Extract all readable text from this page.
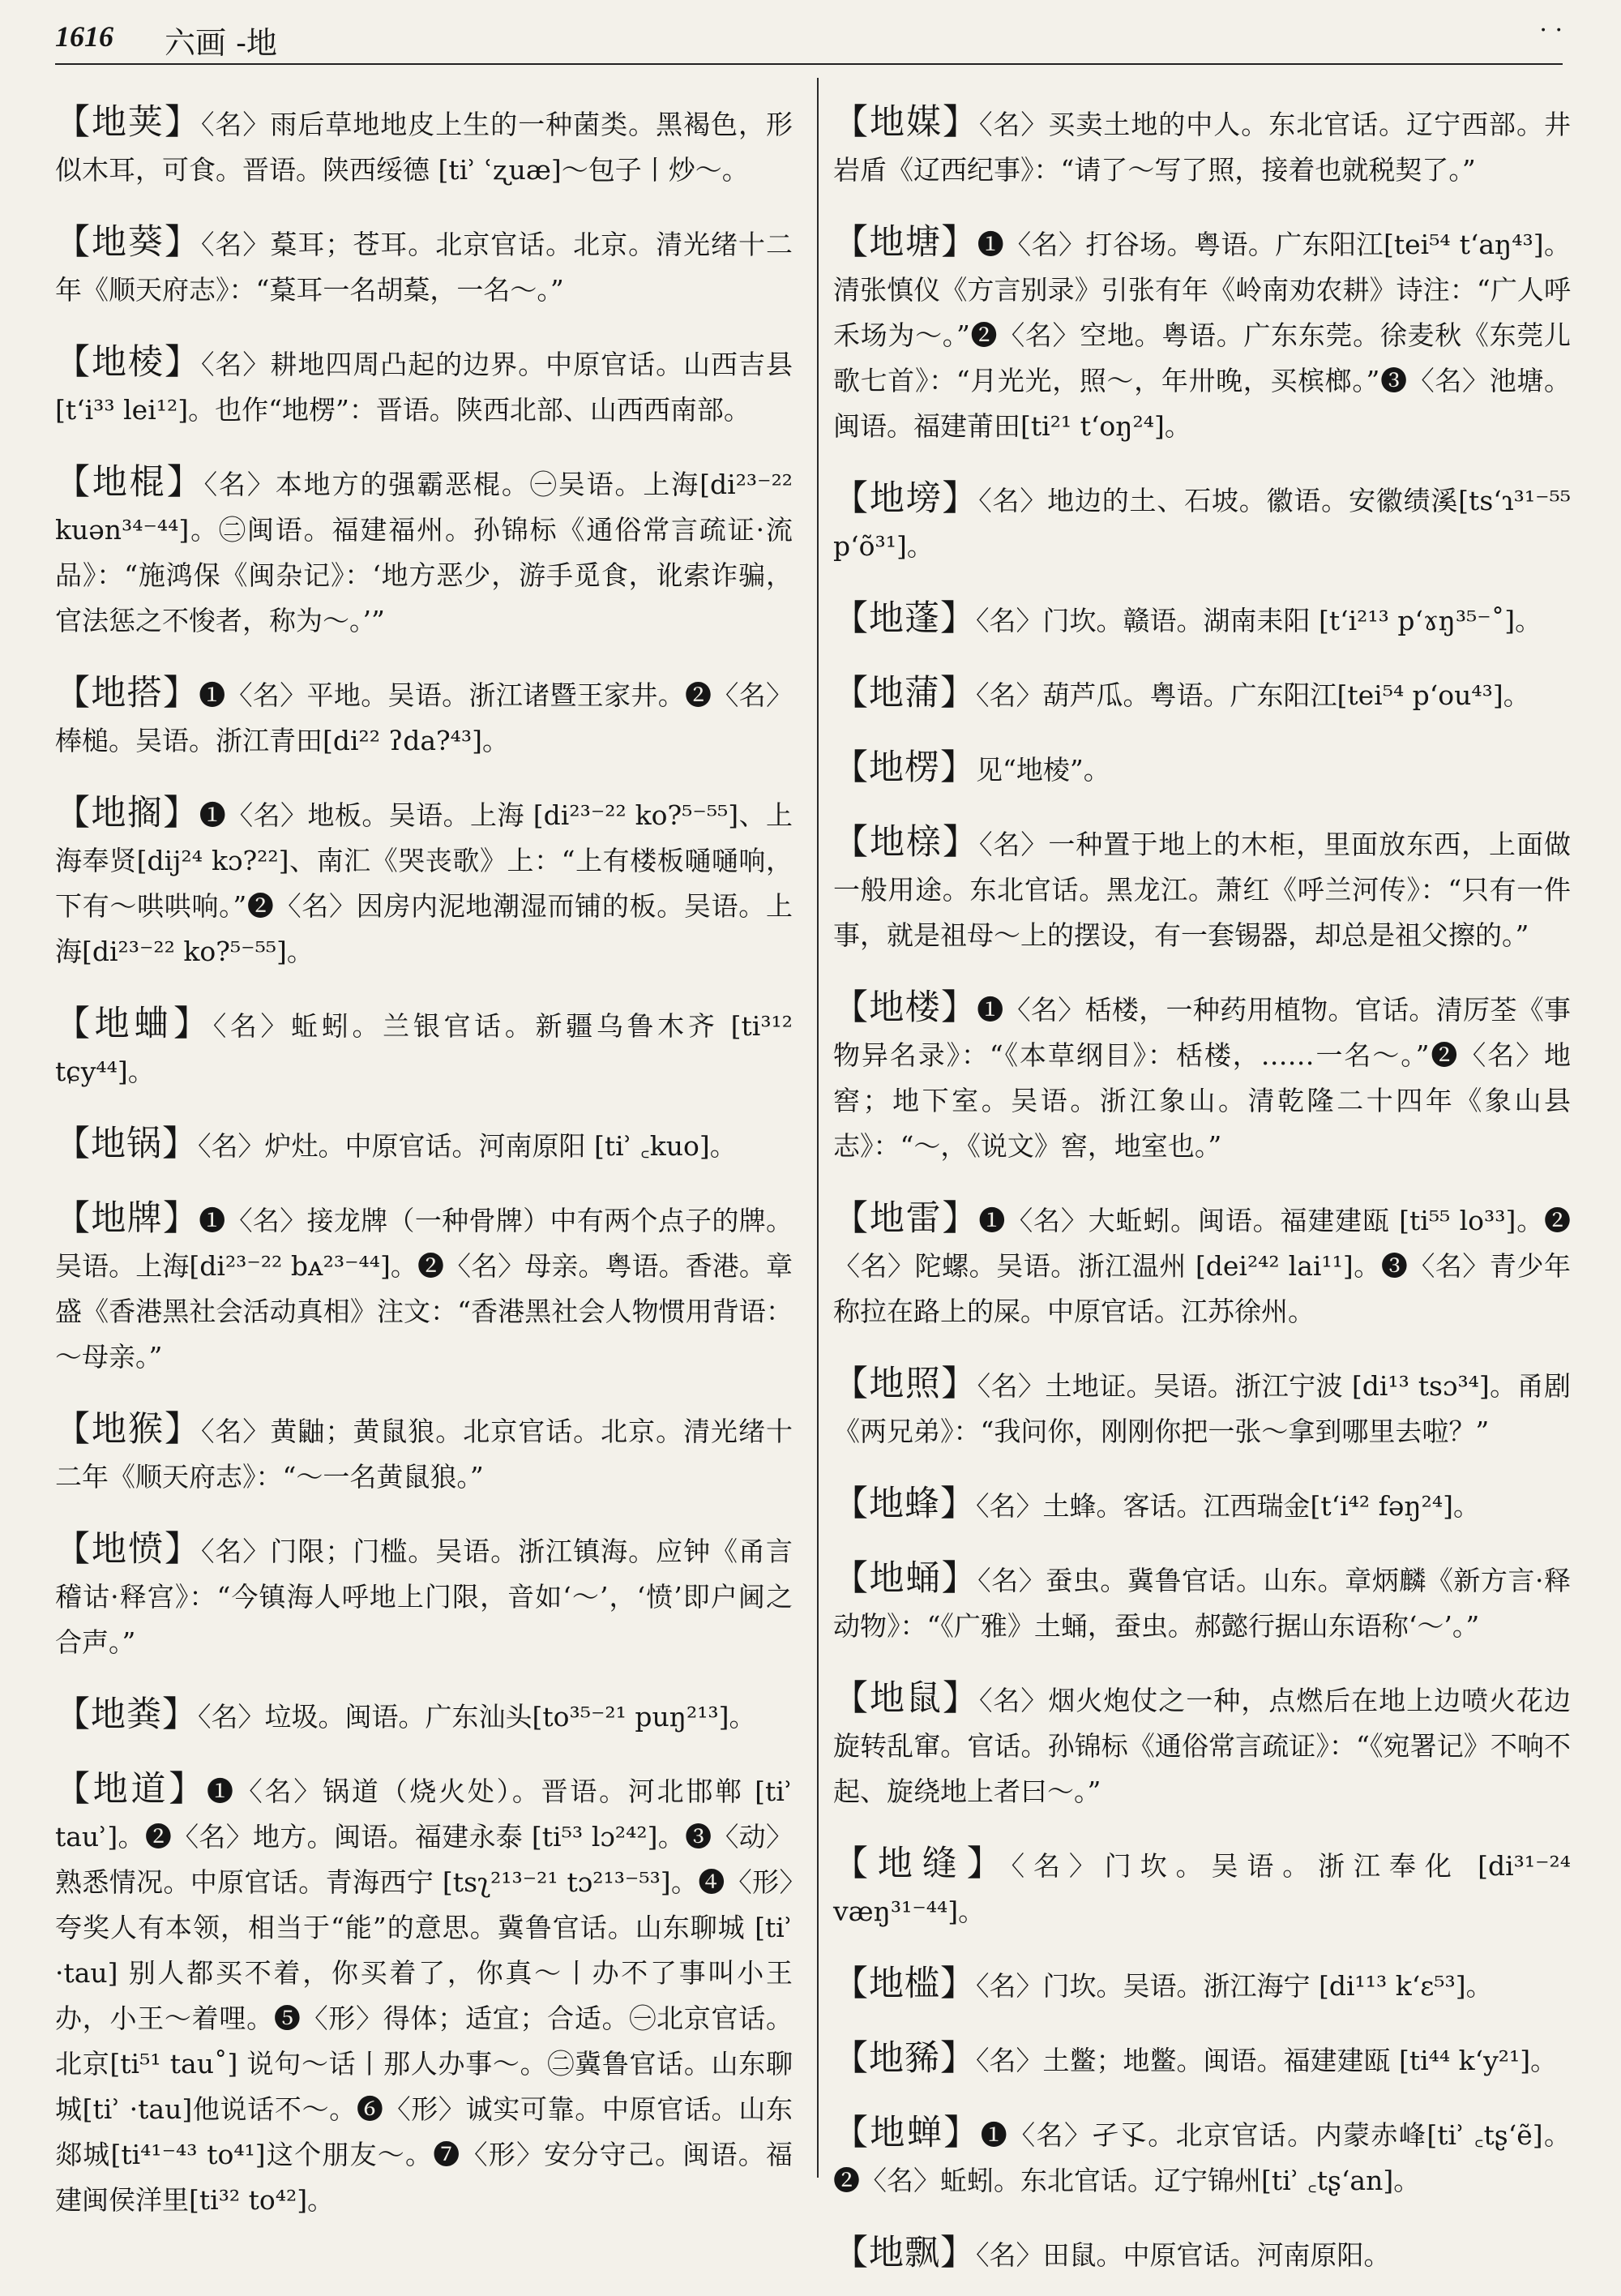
1616 六画 -地	· ·

【地荚】〈名〉雨后草地地皮上生的一种菌类。黑褐色，形似木耳，可食。晋语。陕西绥德 [tiʾ ʿʐuæ]～包子丨炒～。

【地葵】〈名〉葈耳；苍耳。北京官话。北京。清光绪十二年《顺天府志》：“葈耳一名胡葈，一名～。”

【地棱】〈名〉耕地四周凸起的边界。中原官话。山西吉县 [t‘i³³ lei¹²]。也作“地楞”：晋语。陕西北部、山西西南部。

【地棍】〈名〉本地方的强霸恶棍。㊀吴语。上海[di²³⁻²² kuən³⁴⁻⁴⁴]。㊁闽语。福建福州。孙锦标《通俗常言疏证·流品》：“施鸿保《闽杂记》：‘地方恶少，游手觅食，讹索诈骗，官法惩之不悛者，称为～。’”

【地搭】❶〈名〉平地。吴语。浙江诸暨王家井。❷〈名〉棒槌。吴语。浙江青田[di²² ʔda?⁴³]。

【地搁】❶〈名〉地板。吴语。上海 [di²³⁻²² ko?⁵⁻⁵⁵]、上海奉贤[dij²⁴ kɔ?²²]、南汇《哭丧歌》上：“上有楼板嗵嗵响，下有～哄哄响。”❷〈名〉因房内泥地潮湿而铺的板。吴语。上海[di²³⁻²² ko?⁵⁻⁵⁵]。

【地蛐】〈名〉蚯蚓。兰银官话。新疆乌鲁木齐 [ti³¹² tɕy⁴⁴]。

【地锅】〈名〉炉灶。中原官话。河南原阳 [tiʾ ꜀kuo]。

【地牌】❶〈名〉接龙牌（一种骨牌）中有两个点子的牌。吴语。上海[di²³⁻²² bᴀ²³⁻⁴⁴]。❷〈名〉母亲。粤语。香港。章盛《香港黑社会活动真相》注文：“香港黑社会人物惯用背语：～母亲。”

【地猴】〈名〉黄鼬；黄鼠狼。北京官话。北京。清光绪十二年《顺天府志》：“～一名黄鼠狼。”

【地愤】〈名〉门限；门槛。吴语。浙江镇海。应钟《甬言稽诂·释宫》：“今镇海人呼地上门限，音如‘～’，‘愤’即户阃之合声。”

【地粪】〈名〉垃圾。闽语。广东汕头[to³⁵⁻²¹ puŋ²¹³]。

【地道】❶〈名〉锅道（烧火处）。晋语。河北邯郸 [tiʾ tauʾ]。❷〈名〉地方。闽语。福建永泰 [ti⁵³ lɔ²⁴²]。❸〈动〉熟悉情况。中原官话。青海西宁 [tsʅ²¹³⁻²¹ tɔ²¹³⁻⁵³]。❹〈形〉夸奖人有本领，相当于“能”的意思。冀鲁官话。山东聊城 [tiʾ ·tau] 别人都买不着，你买着了，你真～丨办不了事叫小王办，小王～着哩。❺〈形〉得体；适宜；合适。㊀北京官话。北京[ti⁵¹ tau˚] 说句～话丨那人办事～。㊁冀鲁官话。山东聊城[tiʾ ·tau]他说话不～。❻〈形〉诚实可靠。中原官话。山东郯城[ti⁴¹⁻⁴³ to⁴¹]这个朋友～。❼〈形〉安分守己。闽语。福建闽侯洋里[ti³² to⁴²]。

【地媒】〈名〉买卖土地的中人。东北官话。辽宁西部。井岩盾《辽西纪事》：“请了～写了照，接着也就税契了。”

【地塘】❶〈名〉打谷场。粤语。广东阳江[tei⁵⁴ t‘aŋ⁴³]。清张慎仪《方言别录》引张有年《岭南劝农耕》诗注：“广人呼禾场为～。”❷〈名〉空地。粤语。广东东莞。徐麦秋《东莞儿歌七首》：“月光光，照～，年卅晚，买槟榔。”❸〈名〉池塘。闽语。福建莆田[ti²¹ t‘oŋ²⁴]。

【地塝】〈名〉地边的土、石坡。徽语。安徽绩溪[ts‘ɿ³¹⁻⁵⁵ p‘õ³¹]。

【地蓬】〈名〉门坎。赣语。湖南耒阳 [t‘i²¹³ p‘ɤŋ³⁵⁻˚]。

【地蒲】〈名〉葫芦瓜。粤语。广东阳江[tei⁵⁴ p‘ou⁴³]。

【地楞】见“地棱”。

【地榇】〈名〉一种置于地上的木柜，里面放东西，上面做一般用途。东北官话。黑龙江。萧红《呼兰河传》：“只有一件事，就是祖母～上的摆设，有一套锡器，却总是祖父擦的。”

【地楼】❶〈名〉栝楼，一种药用植物。官话。清厉荃《事物异名录》：“《本草纲目》：栝楼，……一名～。”❷〈名〉地窖；地下室。吴语。浙江象山。清乾隆二十四年《象山县志》：“～，《说文》窖，地室也。”

【地雷】❶〈名〉大蚯蚓。闽语。福建建瓯 [ti⁵⁵ lo³³]。❷〈名〉陀螺。吴语。浙江温州 [dei²⁴² lai¹¹]。❸〈名〉青少年称拉在路上的屎。中原官话。江苏徐州。

【地照】〈名〉土地证。吴语。浙江宁波 [di¹³ tsɔ³⁴]。甬剧《两兄弟》：“我问你，刚刚你把一张～拿到哪里去啦？”

【地蜂】〈名〉土蜂。客话。江西瑞金[t‘i⁴² fəŋ²⁴]。

【地蛹】〈名〉蚕虫。冀鲁官话。山东。章炳麟《新方言·释动物》：“《广雅》土蛹，蚕虫。郝懿行据山东语称‘～’。”

【地鼠】〈名〉烟火炮仗之一种，点燃后在地上边喷火花边旋转乱窜。官话。孙锦标《通俗常言疏证》：“《宛署记》不响不起、旋绕地上者曰～。”

【地缝】〈名〉门坎。吴语。浙江奉化 [di³¹⁻²⁴ væŋ³¹⁻⁴⁴]。

【地槛】〈名〉门坎。吴语。浙江海宁 [di¹¹³ k‘ɛ⁵³]。

【地豨】〈名〉土鳖；地鳖。闽语。福建建瓯 [ti⁴⁴ k‘y²¹]。

【地蝉】❶〈名〉孑孓。北京官话。内蒙赤峰[tiʾ ꜀tʂ‘ẽ]。❷〈名〉蚯蚓。东北官话。辽宁锦州[tiʾ ꜀tʂ‘an]。

【地飘】〈名〉田鼠。中原官话。河南原阳。
